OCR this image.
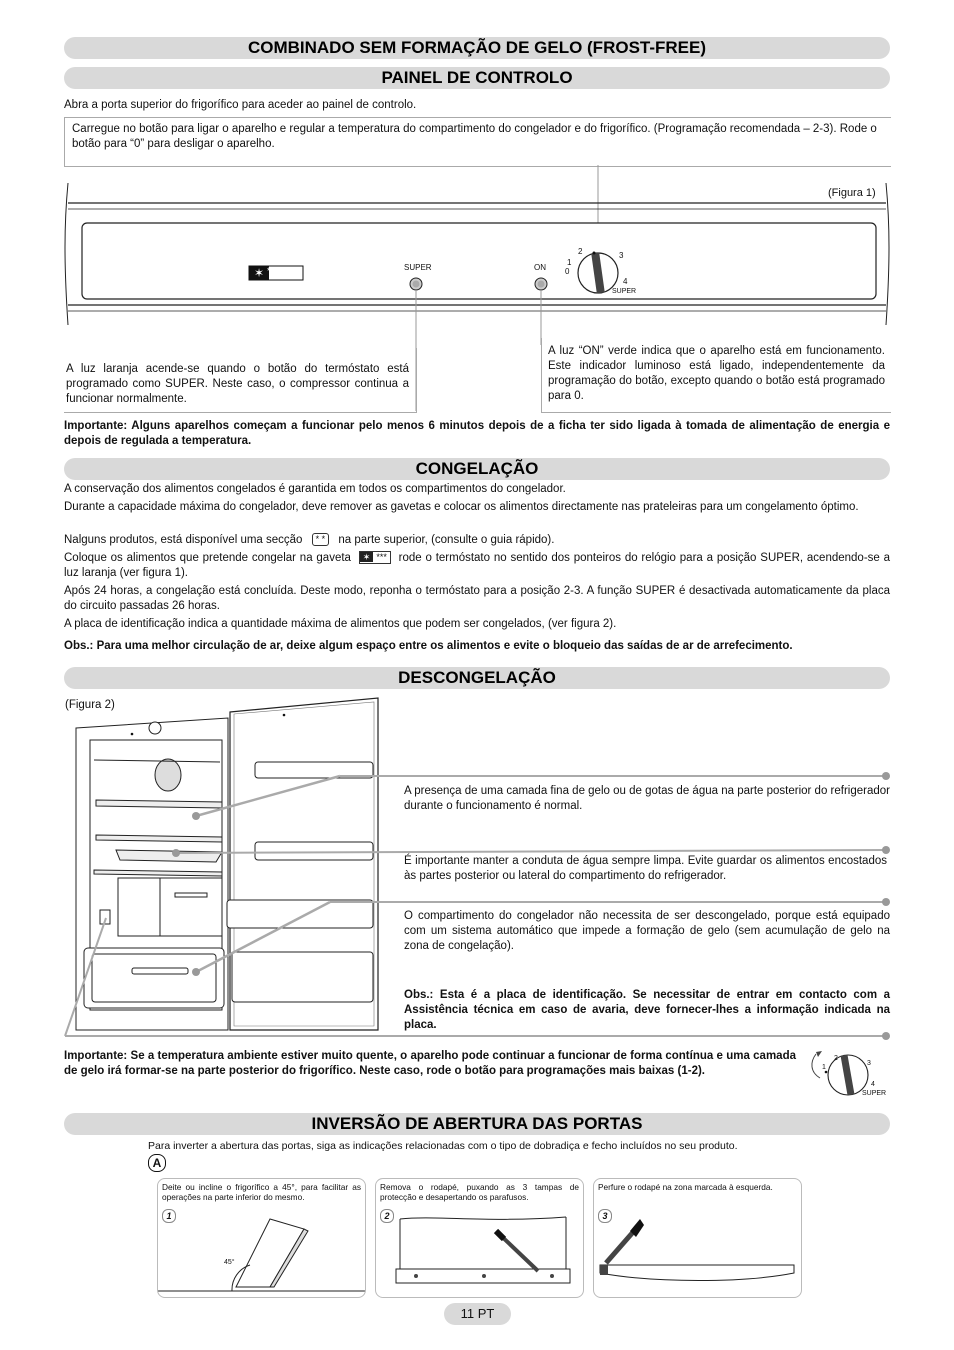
COMBINADO SEM FORMAÇÃO DE GELO (FROST-FREE)
PAINEL DE CONTROLO
Abra a porta superior do frigorífico para aceder ao painel de controlo.
Carregue no botão para ligar o aparelho e regular a temperatura do compartimento do congelador e do frigorífico. (Programação recomendada – 2-3). Rode o botão para “0” para desligar o aparelho.
✶
(Figura 1)
***	SUPER	ON 0
1
2	3
4
SUPER
A luz laranja acende-se quando o botão do termóstato está programado como SUPER. Neste caso, o compressor continua a funcionar normalmente.
A luz “ON” verde indica que o aparelho está em funcionamento. Este indicador luminoso está ligado, independentemente da programação do botão, excepto quando o botão está programado para 0.
Importante: Alguns aparelhos começam a funcionar pelo menos 6 minutos depois de a ficha ter sido ligada à tomada de alimentação de energia e depois de regulada a temperatura.
CONGELAÇÃO
A conservação dos alimentos congelados é garantida em todos os compartimentos do congelador.
Durante a capacidade máxima do congelador, deve remover as gavetas e colocar os alimentos directamente nas prateleiras para um congelamento óptimo.
Nalguns produtos, está disponível uma secção * * na parte superior, (consulte o guia rápido).
Coloque os alimentos que pretende congelar na gaveta ✶ *** rode o termóstato no sentido dos ponteiros do relógio para a posição SUPER, acendendo-se a luz laranja (ver figura 1).
Após 24 horas, a congelação está concluída. Deste modo, reponha o termóstato para a posição 2-3. A função SUPER é desactivada automaticamente da placa do circuito passadas 26 horas.
A placa de identificação indica a quantidade máxima de alimentos que podem ser congelados, (ver figura 2).
Obs.: Para uma melhor circulação de ar, deixe algum espaço entre os alimentos e evite o bloqueio das saídas de ar de arrefecimento.
DESCONGELAÇÃO
(Figura 2)
A presença de uma camada fina de gelo ou de gotas de água na parte posterior do refrigerador durante o funcionamento é normal.
É importante manter a conduta de água sempre limpa. Evite guardar os alimentos encostados às partes posterior ou lateral do compartimento do refrigerador.
O compartimento do congelador não necessita de ser descongelado, porque está equipado com um sistema automático que impede a formação de gelo (sem acumulação de gelo na zona de congelação).
Obs.: Esta é a placa de identificação. Se necessitar de entrar em contacto com a Assistência técnica em caso de avaria, deve fornecer-lhes a informação indicada na placa.
Importante: Se a temperatura ambiente estiver muito quente, o aparelho pode continuar a funcionar de forma contínua e uma camada de gelo irá formar-se na parte posterior do frigorífico. Neste caso, rode o botão para programações mais baixas (1-2).	1
2
3
4
SUPER
INVERSÃO DE ABERTURA DAS PORTAS
Para inverter a abertura das portas, siga as indicações relacionadas com o tipo de dobradiça e fecho incluídos no seu produto.
A
Deite ou incline o frigorífico a 45°, para facilitar as operações na parte inferior do mesmo.
1
45°
Remova o rodapé, puxando as 3 tampas de protecção e desapertando os parafusos.
2
Perfure o rodapé na zona marcada à esquerda.
3
11 PT
